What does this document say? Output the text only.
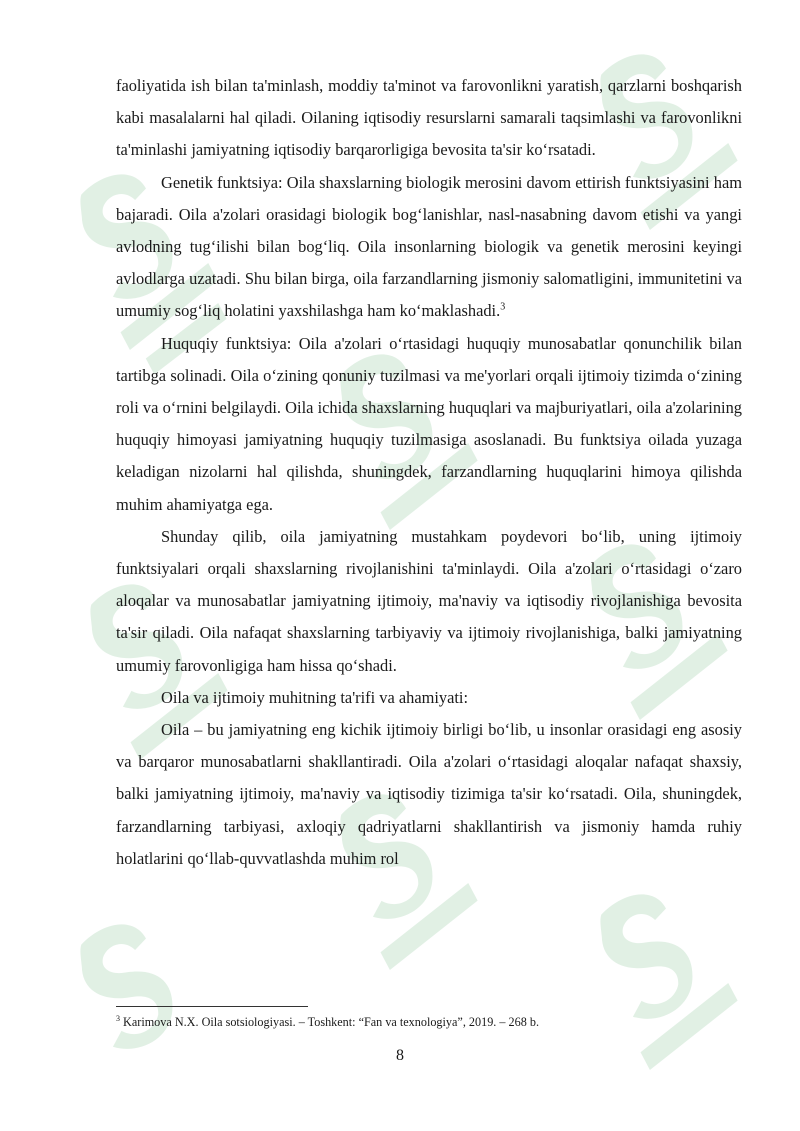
faoliyatida ish bilan ta'minlash, moddiy ta'minot va farovonlikni yaratish, qarzlarni boshqarish kabi masalalarni hal qiladi. Oilaning iqtisodiy resurslarni samarali taqsimlashi va farovonlikni ta'minlashi jamiyatning iqtisodiy barqarorligiga bevosita ta'sir ko‘rsatadi.

Genetik funktsiya: Oila shaxslarning biologik merosini davom ettirish funktsiyasini ham bajaradi. Oila a'zolari orasidagi biologik bog‘lanishlar, nasl-nasabning davom etishi va yangi avlodning tug‘ilishi bilan bog‘liq. Oila insonlarning biologik va genetik merosini keyingi avlodlarga uzatadi. Shu bilan birga, oila farzandlarning jismoniy salomatligini, immunitetini va umumiy sog‘liq holatini yaxshilashga ham ko‘maklashadi.$^3$

Huquqiy funktsiya: Oila a'zolari o‘rtasidagi huquqiy munosabatlar qonunchilik bilan tartibga solinadi. Oila o‘zining qonuniy tuzilmasi va me'yorlari orqali ijtimoiy tizimda o‘zining roli va o‘rnini belgilaydi. Oila ichida shaxslarning huquqlari va majburiyatlari, oila a'zolarining huquqiy himoyasi jamiyatning huquqiy tuzilmasiga asoslanadi. Bu funktsiya oilada yuzaga keladigan nizolarni hal qilishda, shuningdek, farzandlarning huquqlarini himoya qilishda muhim ahamiyatga ega.

Shunday qilib, oila jamiyatning mustahkam poydevori bo‘lib, uning ijtimoiy funktsiyalari orqali shaxslarning rivojlanishini ta'minlaydi. Oila a'zolari o‘rtasidagi o‘zaro aloqalar va munosabatlar jamiyatning ijtimoiy, ma'naviy va iqtisodiy rivojlanishiga bevosita ta'sir qiladi. Oila nafaqat shaxslarning tarbiyaviy va ijtimoiy rivojlanishiga, balki jamiyatning umumiy farovonligiga ham hissa qo‘shadi.

Oila va ijtimoiy muhitning ta'rifi va ahamiyati:

Oila – bu jamiyatning eng kichik ijtimoiy birligi bo‘lib, u insonlar orasidagi eng asosiy va barqaror munosabatlarni shakllantiradi. Oila a'zolari o‘rtasidagi aloqalar nafaqat shaxsiy, balki jamiyatning ijtimoiy, ma'naviy va iqtisodiy tizimiga ta'sir ko‘rsatadi. Oila, shuningdek, farzandlarning tarbiyasi, axloqiy qadriyatlarni shakllantirish va jismoniy hamda ruhiy holatlarini qo‘llab-quvvatlashda muhim rol

$^3$ Karimova N.X. Oila sotsiologiyasi. – Toshkent: “Fan va texnologiya”, 2019. – 268 b.

8
